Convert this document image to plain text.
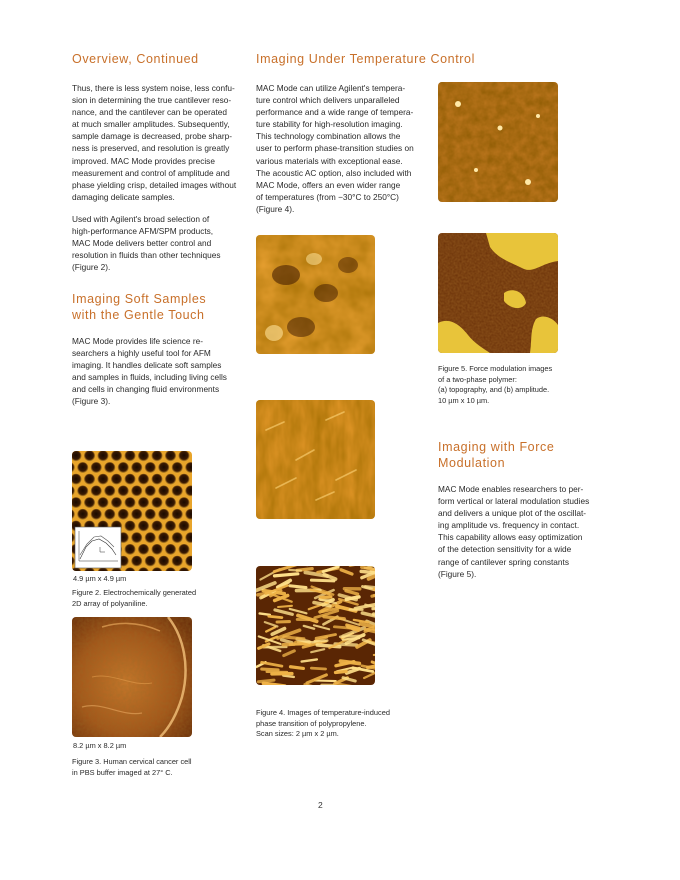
Overview, Continued
Thus, there is less system noise, less confu-
sion in determining the true cantilever reso-
nance, and the cantilever can be operated
at much smaller amplitudes. Subsequently,
sample damage is decreased, probe sharp-
ness is preserved, and resolution is greatly
improved. MAC Mode provides precise
measurement and control of amplitude and
phase yielding crisp, detailed images without
damaging delicate samples.
Used with Agilent's broad selection of
high-performance AFM/SPM products,
MAC Mode delivers better control and
resolution in fluids than other techniques
(Figure 2).
Imaging Soft Samples
with the Gentle Touch
MAC Mode provides life science re-
searchers a highly useful tool for AFM
imaging. It handles delicate soft samples
and samples in fluids, including living cells
and cells in changing fluid environments
(Figure 3).
4.9 µm x 4.9 µm
Figure 2. Electrochemically generated
2D array of polyaniline.
8.2 µm x 8.2 µm
Figure 3. Human cervical cancer cell
in PBS buffer imaged at 27° C.
Imaging Under Temperature Control
MAC Mode can utilize Agilent's tempera-
ture control which delivers unparalleled
performance and a wide range of tempera-
ture stability for high-resolution imaging.
This technology combination allows the
user to perform phase-transition studies on
various materials with exceptional ease.
The acoustic AC option, also included with
MAC Mode, offers an even wider range
of temperatures (from −30°C to 250°C)
(Figure 4).
Figure 4. Images of temperature-induced
phase transition of polypropylene.
Scan sizes: 2 µm x 2 µm.
Figure 5. Force modulation images
of a two-phase polymer:
(a) topography, and (b) amplitude.
10 µm x 10 µm.
Imaging with Force
Modulation
MAC Mode enables researchers to per-
form vertical or lateral modulation studies
and delivers a unique plot of the oscillat-
ing amplitude vs. frequency in contact.
This capability allows easy optimization
of the detection sensitivity for a wide
range of cantilever spring constants
(Figure 5).
2
